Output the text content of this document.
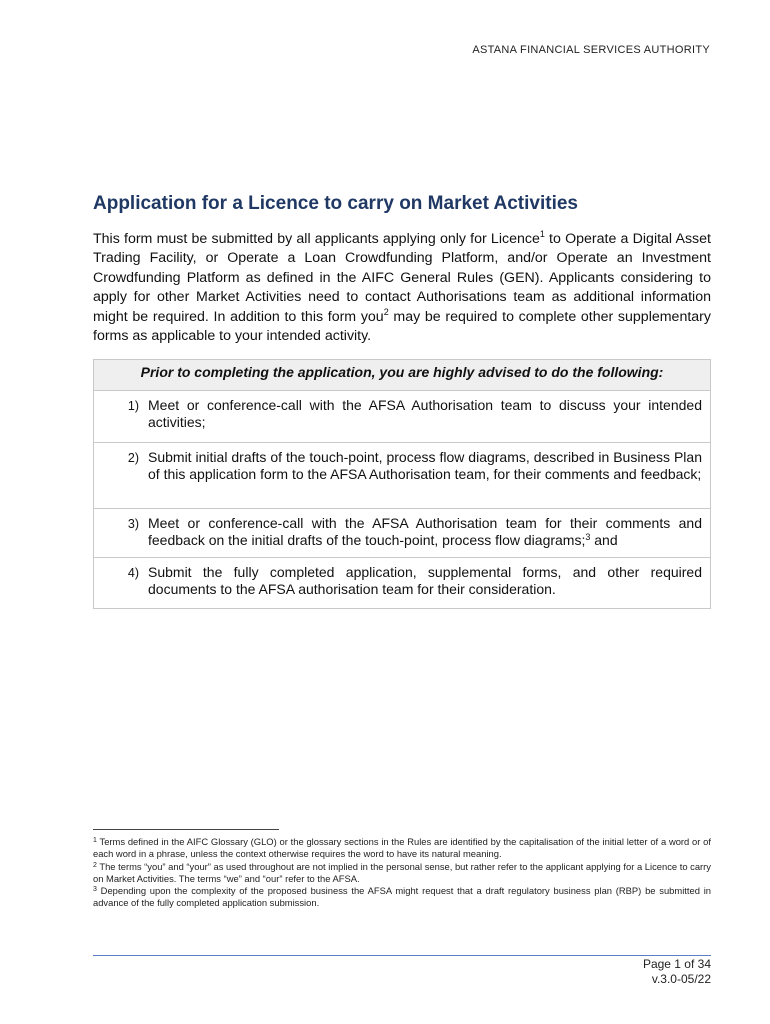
ASTANA FINANCIAL SERVICES AUTHORITY
Application for a Licence to carry on Market Activities
This form must be submitted by all applicants applying only for Licence$^1$ to Operate a Digital Asset Trading Facility, or Operate a Loan Crowdfunding Platform, and/or Operate an Investment Crowdfunding Platform as defined in the AIFC General Rules (GEN). Applicants considering to apply for other Market Activities need to contact Authorisations team as additional information might be required. In addition to this form you$^2$ may be required to complete other supplementary forms as applicable to your intended activity.
Prior to completing the application, you are highly advised to do the following:
1) Meet or conference-call with the AFSA Authorisation team to discuss your intended activities;
2) Submit initial drafts of the touch-point, process flow diagrams, described in Business Plan of this application form to the AFSA Authorisation team, for their comments and feedback;
3) Meet or conference-call with the AFSA Authorisation team for their comments and feedback on the initial drafts of the touch-point, process flow diagrams;$^3$ and
4) Submit the fully completed application, supplemental forms, and other required documents to the AFSA authorisation team for their consideration.

$^1$ Terms defined in the AIFC Glossary (GLO) or the glossary sections in the Rules are identified by the capitalisation of the initial letter of a word or of each word in a phrase, unless the context otherwise requires the word to have its natural meaning.

$^2$ The terms “you” and “your” as used throughout are not implied in the personal sense, but rather refer to the applicant applying for a Licence to carry on Market Activities. The terms “we” and “our” refer to the AFSA.

$^3$ Depending upon the complexity of the proposed business the AFSA might request that a draft regulatory business plan (RBP) be submitted in advance of the fully completed application submission.

Page 1 of 34
v.3.0-05/22
